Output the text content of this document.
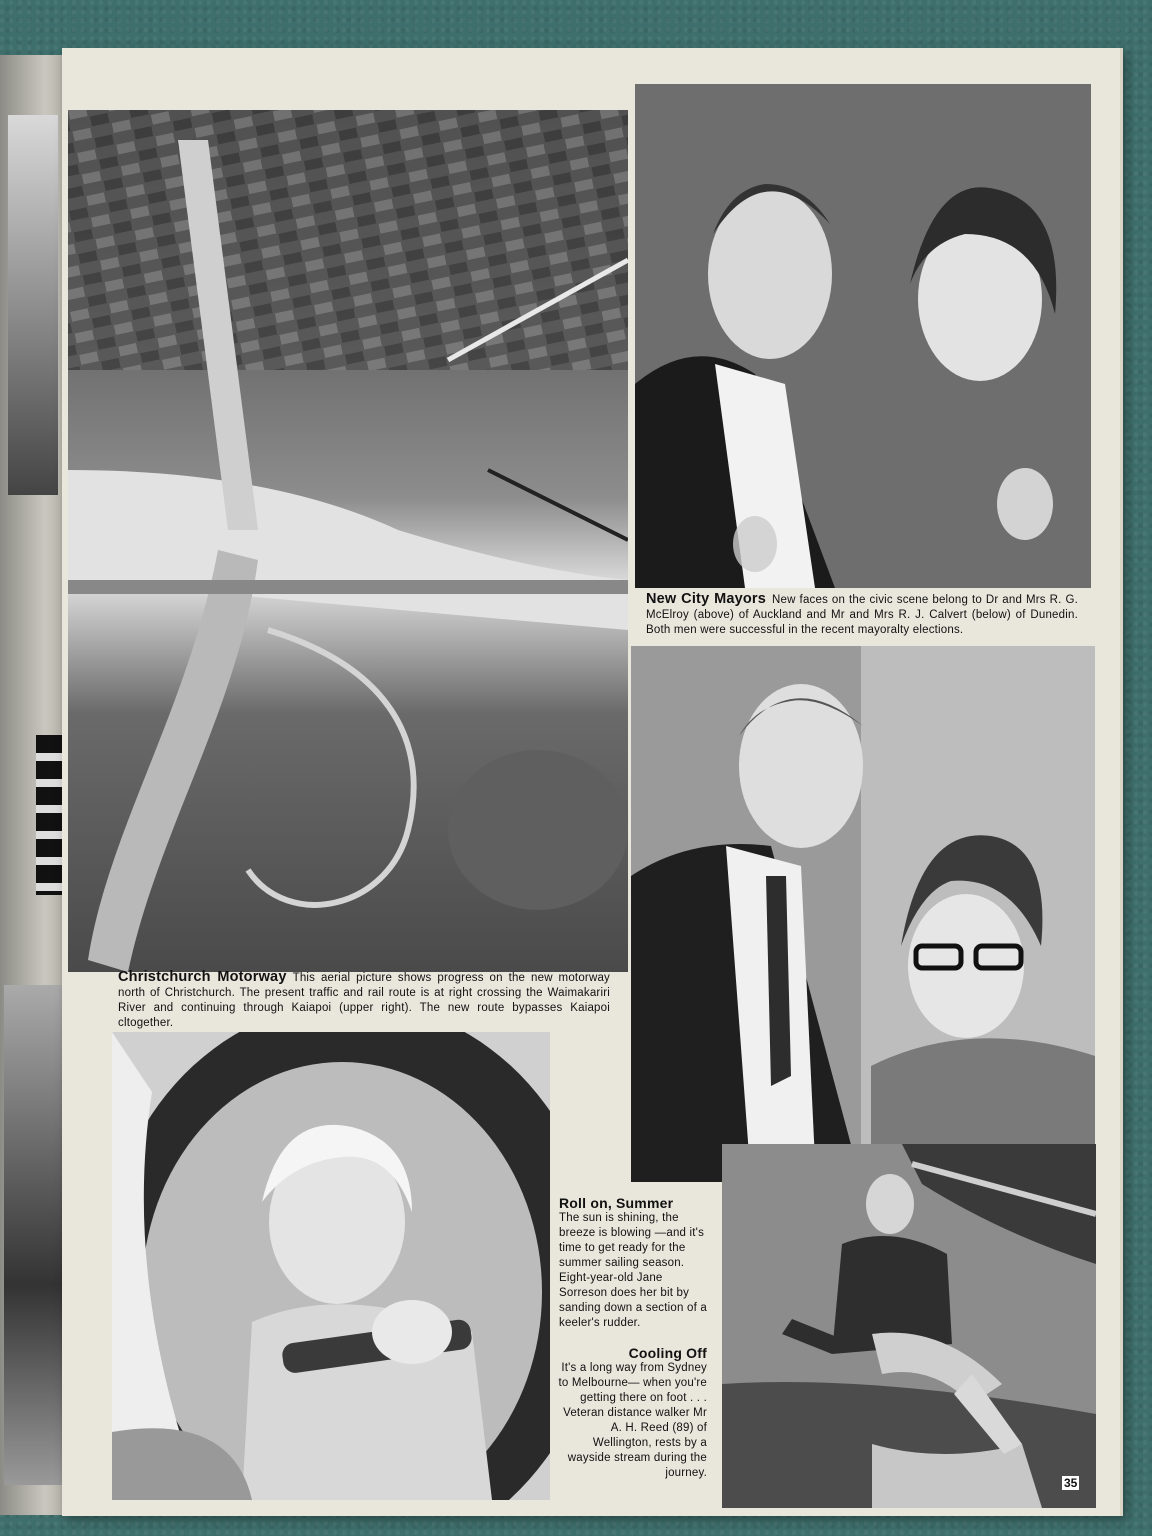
Christchurch Motorway This aerial picture shows progress on the new motorway north of Christchurch. The present traffic and rail route is at right crossing the Waimakariri River and continuing through Kaiapoi (upper right). The new route bypasses Kaiapoi cltogether.
New City Mayors New faces on the civic scene belong to Dr and Mrs R. G. McElroy (above) of Auckland and Mr and Mrs R. J. Calvert (below) of Dunedin. Both men were successful in the recent mayoralty elections.
Roll on, Summer
The sun is shining, the breeze is blowing —and it's time to get ready for the summer sailing season. Eight-year-old Jane Sorreson does her bit by sanding down a section of a keeler's rudder.
Cooling Off
It's a long way from Sydney to Melbourne— when you're getting there on foot . . . Veteran distance walker Mr A. H. Reed (89) of Wellington, rests by a wayside stream during the journey.
35
